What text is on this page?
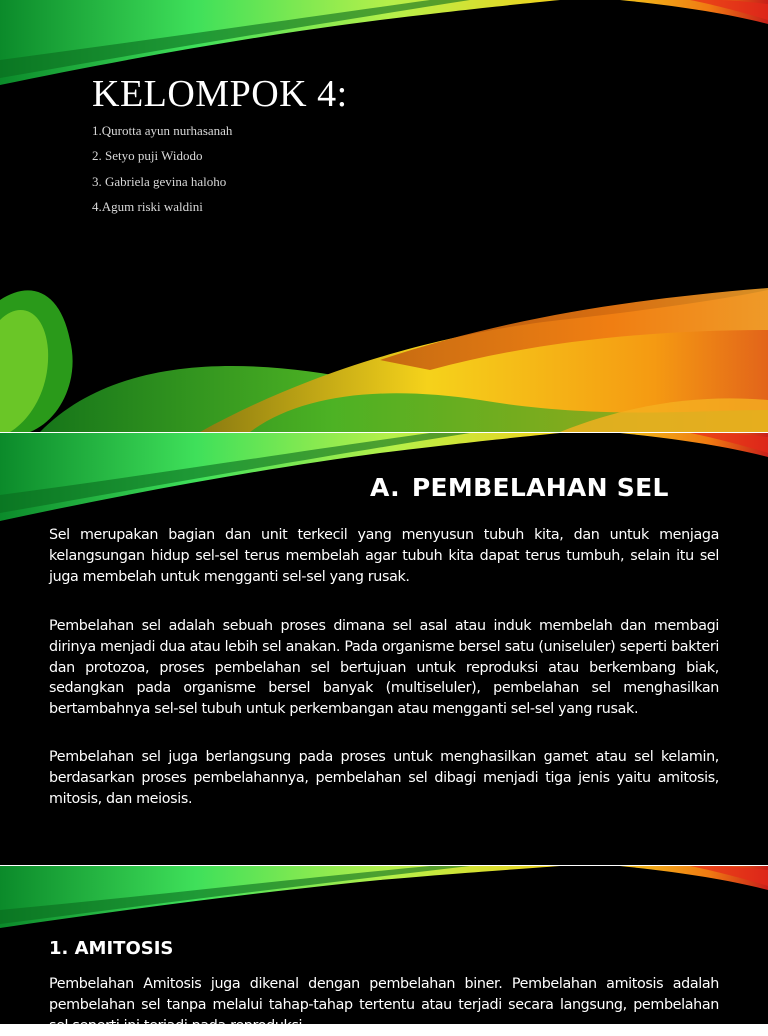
KELOMPOK 4:
1.Qurotta ayun nurhasanah
2. Setyo puji Widodo
3. Gabriela gevina haloho
4.Agum riski waldini
A. PEMBELAHAN SEL

Sel merupakan bagian dan unit terkecil yang menyusun tubuh kita, dan untuk menjaga kelangsungan hidup sel-sel terus membelah agar tubuh kita dapat terus tumbuh, selain itu sel juga membelah untuk mengganti sel-sel yang rusak.

Pembelahan sel adalah sebuah proses dimana sel asal atau induk membelah dan membagi dirinya menjadi dua atau lebih sel anakan. Pada organisme bersel satu (uniseluler) seperti bakteri dan protozoa, proses pembelahan sel bertujuan untuk reproduksi atau berkembang biak, sedangkan pada organisme bersel banyak (multiseluler), pembelahan sel menghasilkan bertambahnya sel-sel tubuh untuk perkembangan atau mengganti sel-sel yang rusak.

Pembelahan sel juga berlangsung pada proses untuk menghasilkan gamet atau sel kelamin, berdasarkan proses pembelahannya, pembelahan sel dibagi menjadi tiga jenis yaitu amitosis, mitosis, dan meiosis.

1. AMITOSIS

Pembelahan Amitosis juga dikenal dengan pembelahan biner. Pembelahan amitosis adalah pembelahan sel tanpa melalui tahap-tahap tertentu atau terjadi secara langsung, pembelahan sel seperti ini terjadi pada reproduksi
